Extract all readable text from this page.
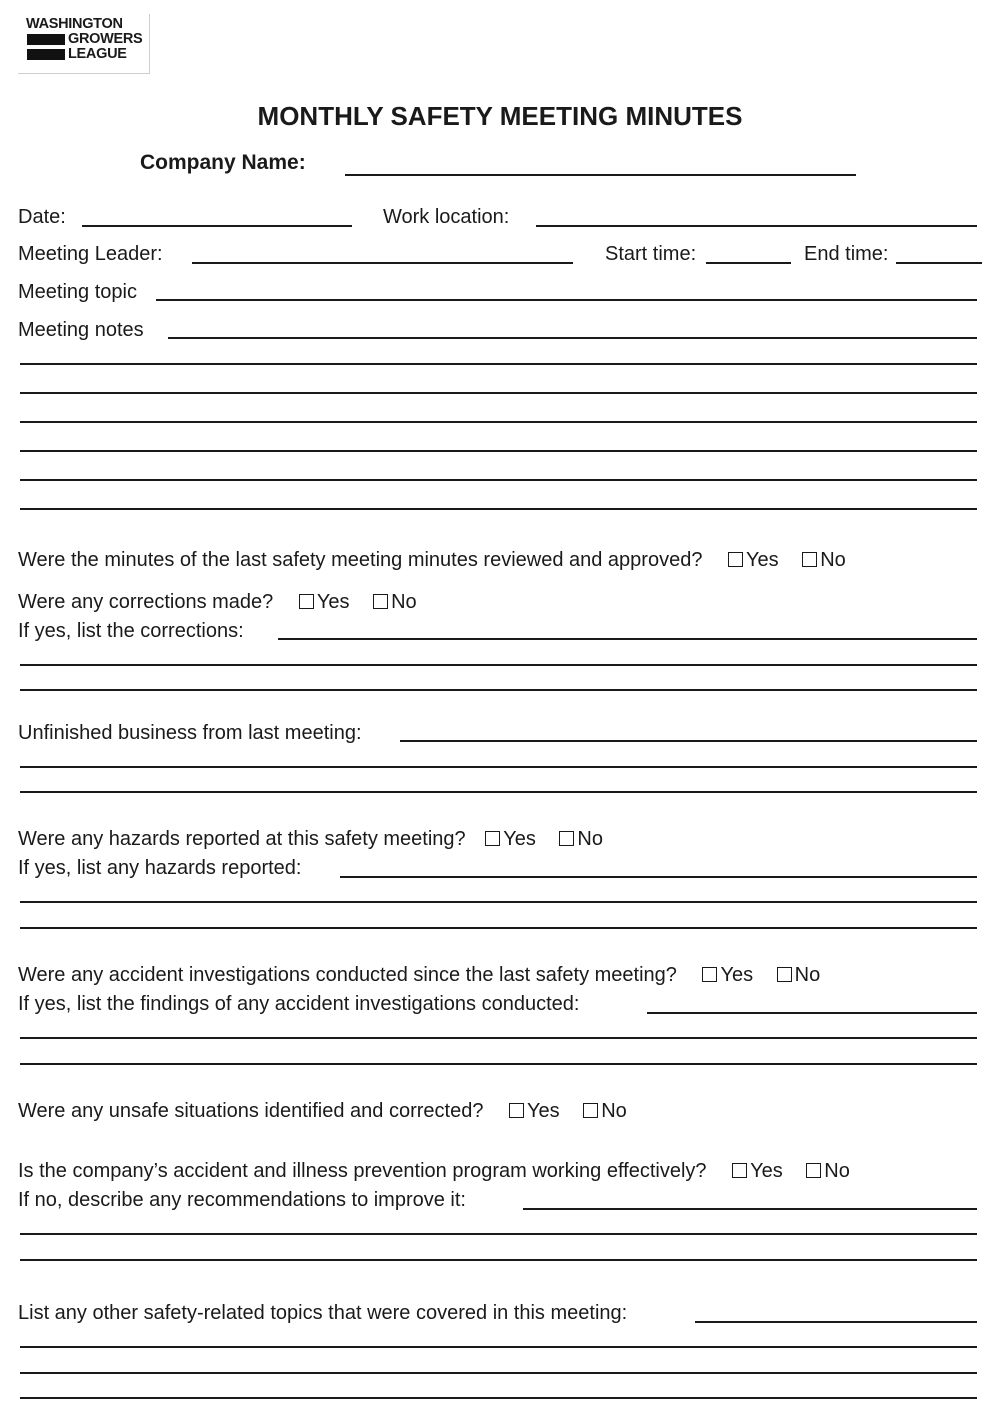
WASHINGTON
GROWERS
LEAGUE
MONTHLY SAFETY MEETING MINUTES
Company Name:
Date:	Work location:
Meeting Leader:	Start time:	End time:
Meeting topic
Meeting notes
Were the minutes of the last safety meeting minutes reviewed and approved? Yes No
Were any corrections made? Yes No
If yes, list the corrections:
Unfinished business from last meeting:
Were any hazards reported at this safety meeting? Yes No
If yes, list any hazards reported:
Were any accident investigations conducted since the last safety meeting? Yes No
If yes, list the findings of any accident investigations conducted:
Were any unsafe situations identified and corrected? Yes No
Is the company’s accident and illness prevention program working effectively? Yes No
If no, describe any recommendations to improve it:
List any other safety-related topics that were covered in this meeting:
